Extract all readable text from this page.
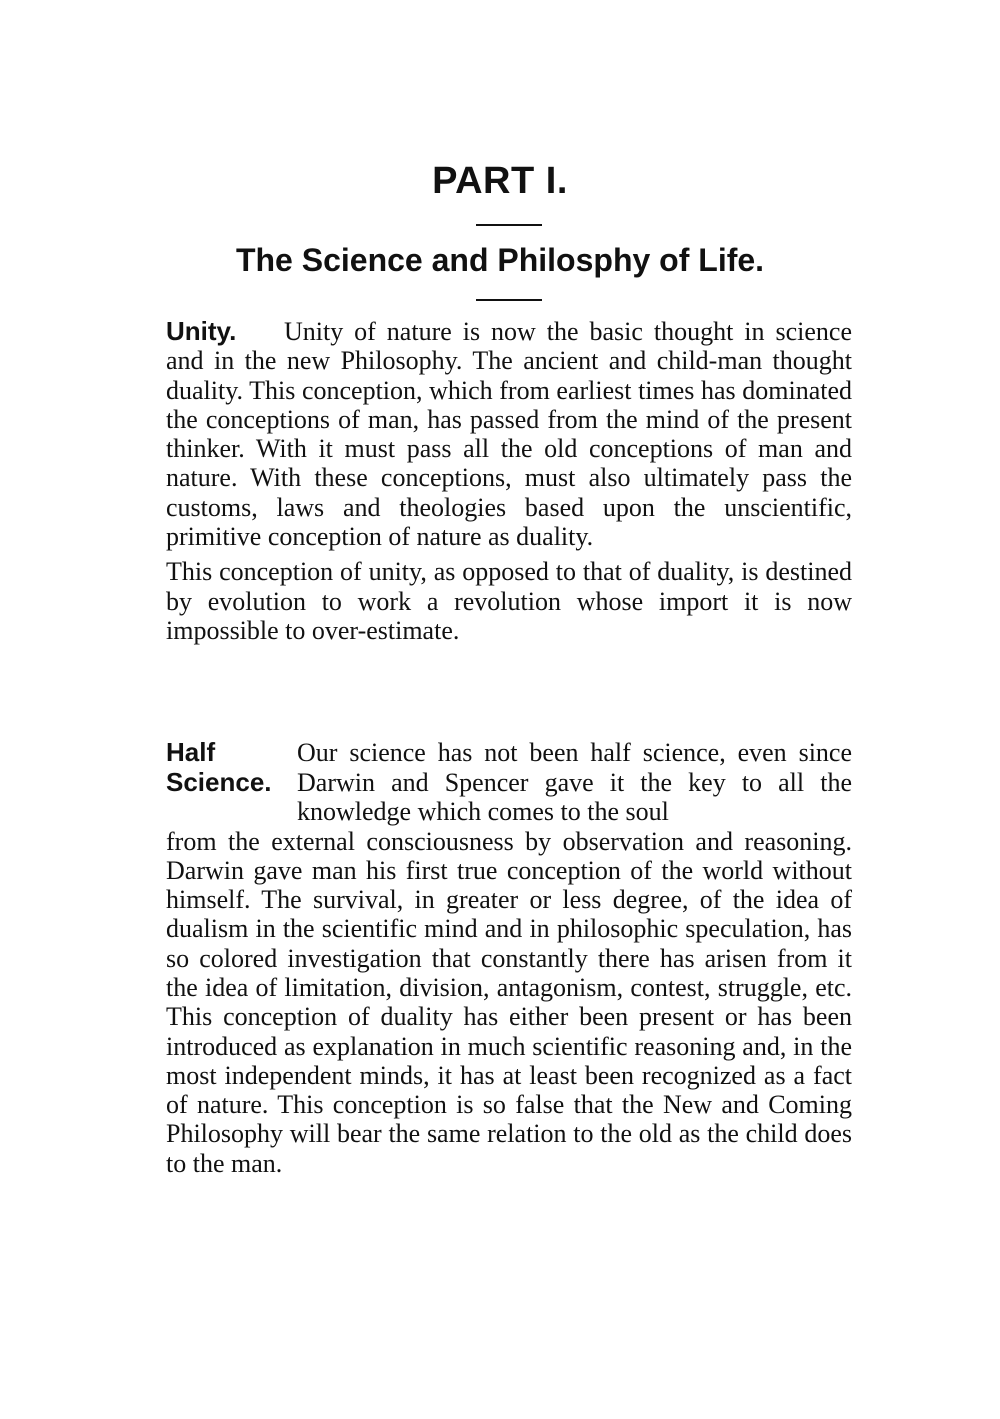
PART I.
The Science and Philosphy of Life.
Unity.	Unity of nature is now the basic thought in science and in the new Philosophy. The ancient and child-man thought duality. This conception, which from earliest times has dominated the conceptions of man, has passed from the mind of the present thinker. With it must pass all the old conceptions of man and nature. With these conceptions, must also ultimately pass the customs, laws and theologies based upon the unscientific, primitive conception of nature as duality.

This conception of unity, as opposed to that of duality, is destined by evolution to work a revolution whose import it is now impossible to over-estimate.

Half
Science.
Our science has not been half science, even since Darwin and Spencer gave it the key to all the knowledge which comes to the soul

from the external consciousness by observation and reasoning. Darwin gave man his first true conception of the world without himself. The survival, in greater or less degree, of the idea of dualism in the scientific mind and in philosophic speculation, has so colored investigation that constantly there has arisen from it the idea of limitation, division, antagonism, contest, struggle, etc. This conception of duality has either been present or has been introduced as explanation in much scientific reasoning and, in the most independent minds, it has at least been recognized as a fact of nature. This conception is so false that the New and Coming Philosophy will bear the same relation to the old as the child does to the man.
